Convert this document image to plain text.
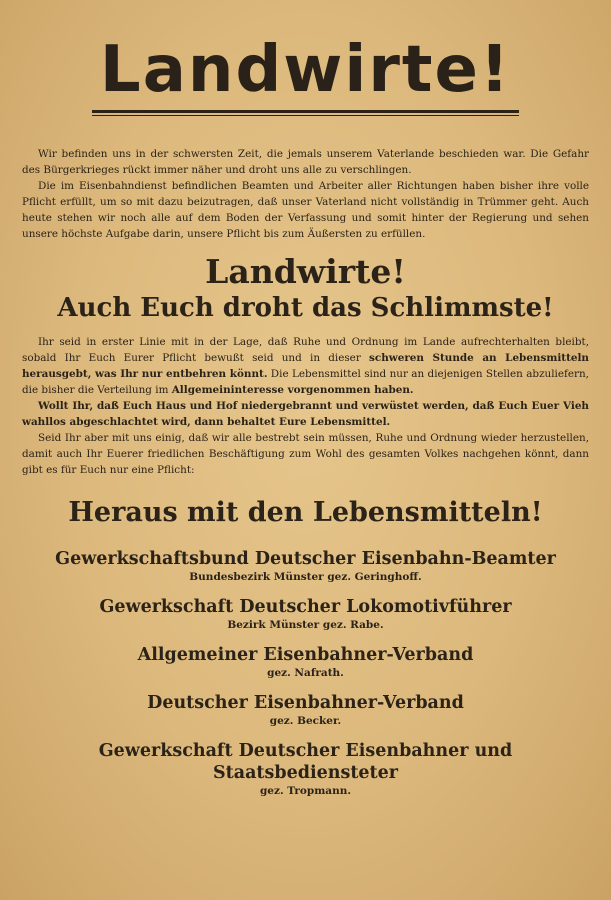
Landwirte!

Wir befinden uns in der schwersten Zeit, die jemals unserem Vaterlande beschieden war. Die Gefahr des Bürgerkrieges rückt immer näher und droht uns alle zu verschlingen.

Die im Eisenbahndienst befindlichen Beamten und Arbeiter aller Richtungen haben bisher ihre volle Pflicht erfüllt, um so mit dazu beizutragen, daß unser Vaterland nicht vollständig in Trümmer geht. Auch heute stehen wir noch alle auf dem Boden der Verfassung und somit hinter der Regierung und sehen unsere höchste Aufgabe darin, unsere Pflicht bis zum Äußersten zu erfüllen.

Landwirte!
Auch Euch droht das Schlimmste!

Ihr seid in erster Linie mit in der Lage, daß Ruhe und Ordnung im Lande aufrechterhalten bleibt, sobald Ihr Euch Eurer Pflicht bewußt seid und in dieser schweren Stunde an Lebensmitteln herausgebt, was Ihr nur entbehren könnt. Die Lebensmittel sind nur an diejenigen Stellen abzuliefern, die bisher die Verteilung im Allgemeininteresse vorgenommen haben.

Wollt Ihr, daß Euch Haus und Hof niedergebrannt und verwüstet werden, daß Euch Euer Vieh wahllos abgeschlachtet wird, dann behaltet Eure Lebensmittel.

Seid Ihr aber mit uns einig, daß wir alle bestrebt sein müssen, Ruhe und Ordnung wieder herzustellen, damit auch Ihr Euerer friedlichen Beschäftigung zum Wohl des gesamten Volkes nachgehen könnt, dann gibt es für Euch nur eine Pflicht:

Heraus mit den Lebensmitteln!
Gewerkschaftsbund Deutscher Eisenbahn-Beamter
Bundesbezirk Münster gez. Geringhoff.
Gewerkschaft Deutscher Lokomotivführer
Bezirk Münster gez. Rabe.
Allgemeiner Eisenbahner-Verband
gez. Nafrath.
Deutscher Eisenbahner-Verband
gez. Becker.
Gewerkschaft Deutscher Eisenbahner und Staatsbediensteter
gez. Tropmann.
